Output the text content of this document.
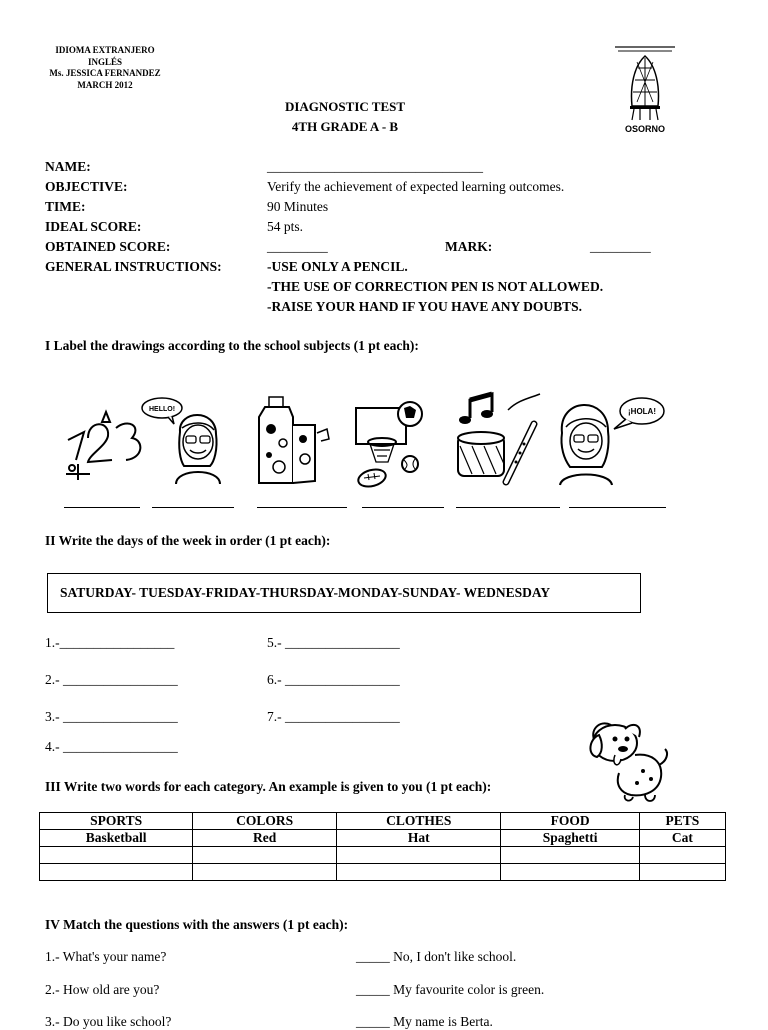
IDIOMA EXTRANJERO
INGLÉS
Ms. JESSICA FERNANDEZ
MARCH 2012
DIAGNOSTIC TEST
4TH GRADE A - B	OSORNO
NAME:	________________________________
OBJECTIVE:	Verify the achievement of expected learning outcomes.
TIME:	90 Minutes
IDEAL SCORE:	54 pts.
OBTAINED SCORE:	_________	MARK:	_________
GENERAL INSTRUCTIONS:	-USE ONLY A PENCIL.
-THE USE OF CORRECTION PEN IS NOT ALLOWED.
-RAISE YOUR HAND IF YOU HAVE ANY DOUBTS.
I Label the drawings according to the school subjects (1 pt each):
HELLO!	¡HOLA!
II Write the days of the week in order (1 pt each):
SATURDAY- TUESDAY-FRIDAY-THURSDAY-MONDAY-SUNDAY- WEDNESDAY
1.-_________________
2.- _________________
3.- _________________
4.- _________________
5.- _________________
6.- _________________
7.- _________________
III Write two words for each category. An example is given to you (1 pt each):
SPORTS	COLORS	CLOTHES	FOOD	PETS
Basketball	Red	Hat	Spaghetti	Cat

IV Match the questions with the answers (1 pt each):
1.- What's your name?
2.- How old are you?
3.- Do you like school?
_____ No, I don't like school.
_____ My favourite color is green.
_____ My name is Berta.
